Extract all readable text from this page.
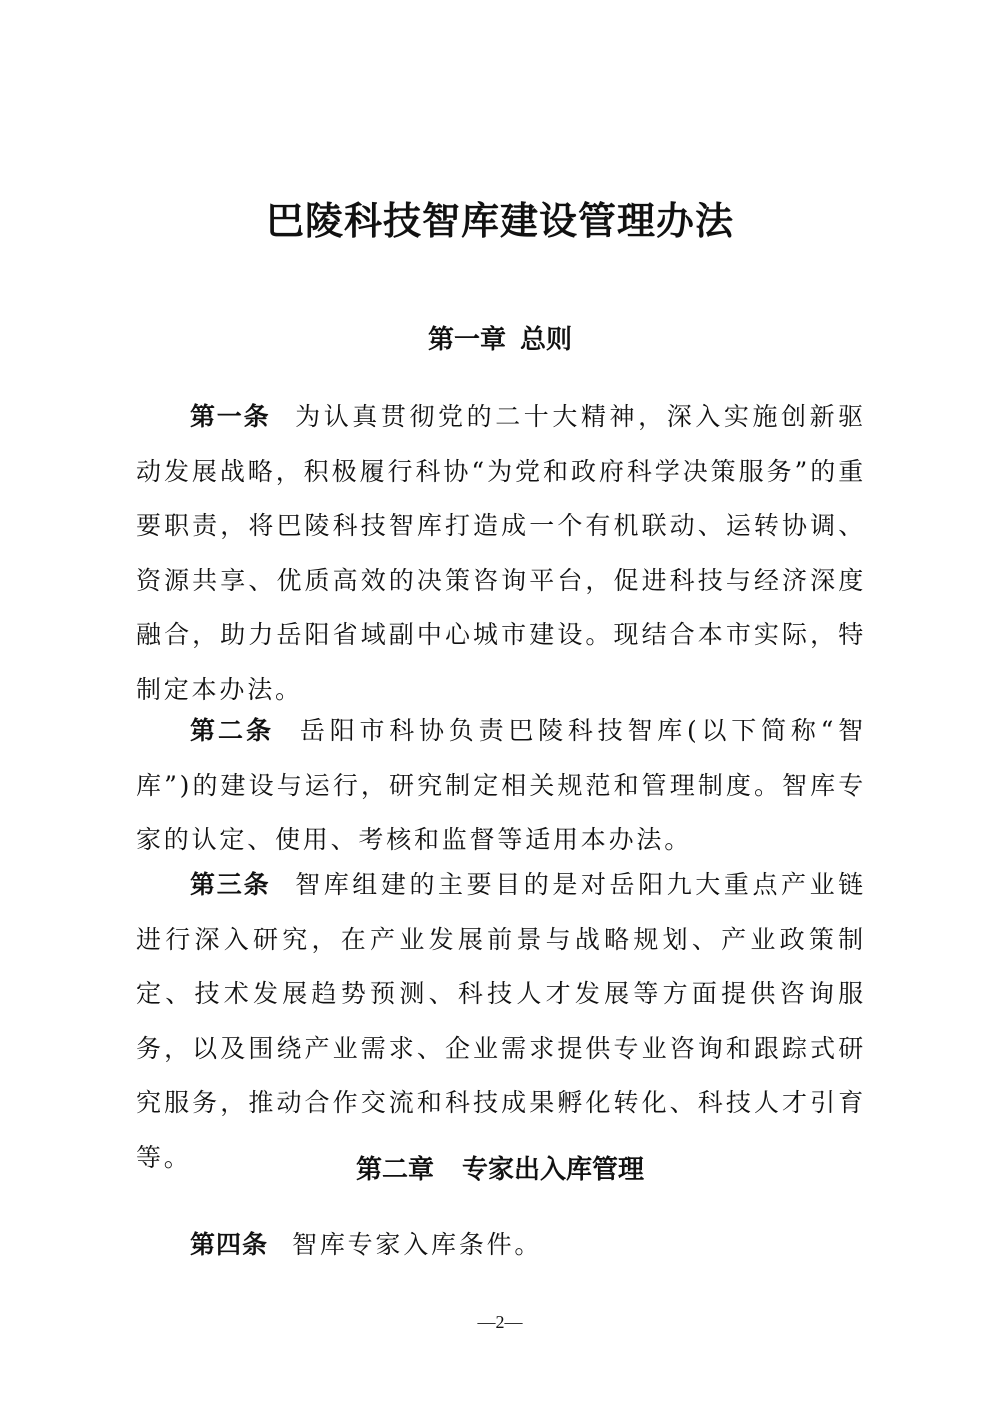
巴陵科技智库建设管理办法
第一章 总则

第一条 为认真贯彻党的二十大精神，深入实施创新驱动发展战略，积极履行科协“为党和政府科学决策服务”的重要职责，将巴陵科技智库打造成一个有机联动、运转协调、资源共享、优质高效的决策咨询平台，促进科技与经济深度融合，助力岳阳省域副中心城市建设。现结合本市实际，特制定本办法。

第二条 岳阳市科协负责巴陵科技智库(以下简称“智库”)的建设与运行，研究制定相关规范和管理制度。智库专家的认定、使用、考核和监督等适用本办法。

第三条 智库组建的主要目的是对岳阳九大重点产业链进行深入研究，在产业发展前景与战略规划、产业政策制定、技术发展趋势预测、科技人才发展等方面提供咨询服务，以及围绕产业需求、企业需求提供专业咨询和跟踪式研究服务，推动合作交流和科技成果孵化转化、科技人才引育等。	第二章 专家出入库管理

第四条 智库专家入库条件。

—2—
